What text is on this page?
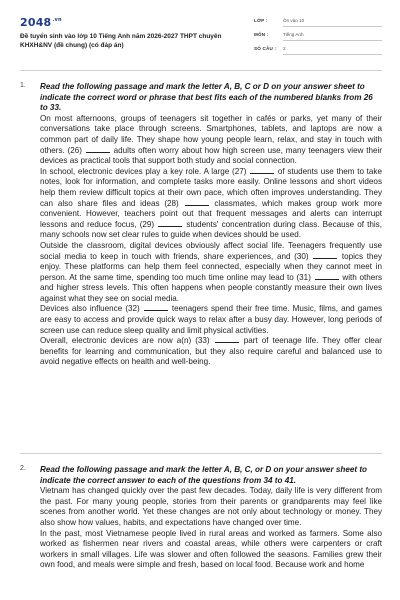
$2048^{.vn}$
Đề tuyển sinh vào lớp 10 Tiếng Anh năm 2026-2027 THPT chuyên KHXH&NV (đề chung) (có đáp án)
LỚP :	Ôn vào 10
MÔN :	Tiếng Anh
SỐ CÂU : 2
1. Read the following passage and mark the letter A, B, C or D on your answer sheet to indicate the correct word or phrase that best fits each of the numbered blanks from 26 to 33.
On most afternoons, groups of teenagers sit together in cafés or parks, yet many of their conversations take place through screens. Smartphones, tablets, and laptops are now a common part of daily life. They shape how young people learn, relax, and stay in touch with others. (26)	adults often worry about how high screen use, many teenagers view their devices as practical tools that support both study and social connection.
In school, electronic devices play a key role. A large (27)	of students use them to take notes, look for information, and complete tasks more easily. Online lessons and short videos help them review difficult topics at their own pace, which often improves understanding. They can also share files and ideas (28)	classmates, which makes group work more convenient. However, teachers point out that frequent messages and alerts can interrupt lessons and reduce focus, (29)	students' concentration during class. Because of this, many schools now set clear rules to guide when devices should be used.
Outside the classroom, digital devices obviously affect social life. Teenagers frequently use social media to keep in touch with friends, share experiences, and (30)	topics they enjoy. These platforms can help them feel connected, especially when they cannot meet in person. At the same time, spending too much time online may lead to (31)	with others and higher stress levels. This often happens when people constantly measure their own lives against what they see on social media.
Devices also influence (32)	teenagers spend their free time. Music, films, and games are easy to access and provide quick ways to relax after a busy day. However, long periods of screen use can reduce sleep quality and limit physical activities.
Overall, electronic devices are now a(n) (33)	part of teenage life. They offer clear benefits for learning and communication, but they also require careful and balanced use to avoid negative effects on health and well-being.
2. Read the following passage and mark the letter A, B, C, or D on your answer sheet to indicate the correct answer to each of the questions from 34 to 41.
Vietnam has changed quickly over the past few decades. Today, daily life is very different from the past. For many young people, stories from their parents or grandparents may feel like scenes from another world. Yet these changes are not only about technology or money. They also show how values, habits, and expectations have changed over time.
In the past, most Vietnamese people lived in rural areas and worked as farmers. Some also worked as fishermen near rivers and coastal areas, while others were carpenters or craft workers in small villages. Life was slower and often followed the seasons. Families grew their own food, and meals were simple and fresh, based on local food. Because work and home
